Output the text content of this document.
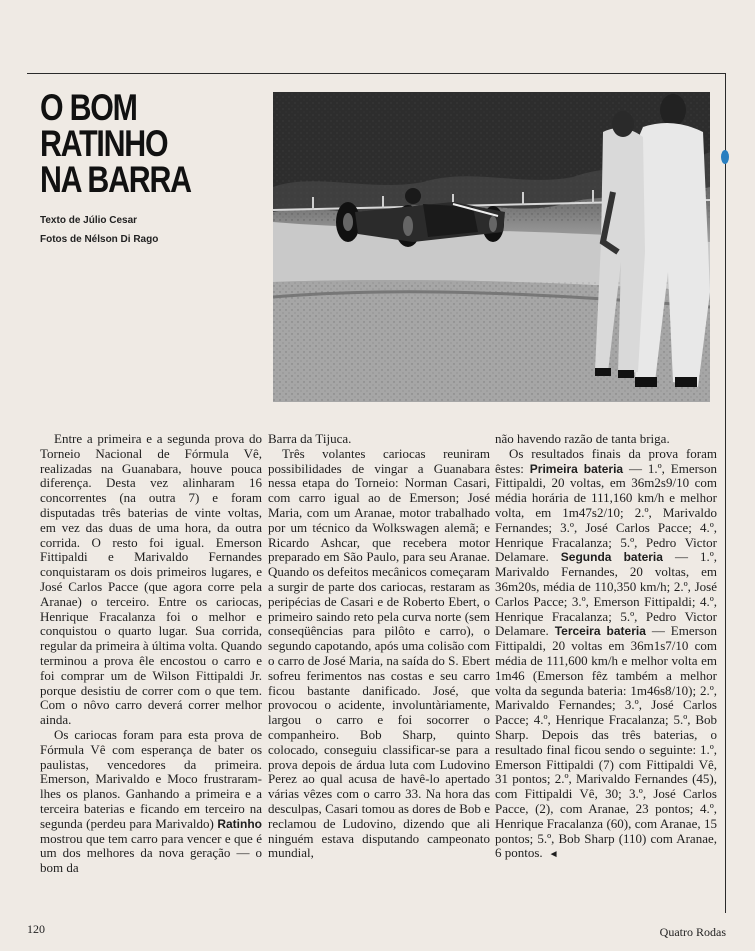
O BOM
RATINHO
NA BARRA
Texto de Júlio Cesar
Fotos de Nélson Di Rago

Entre a primeira e a segunda prova do Torneio Nacional de Fórmula Vê, realizadas na Guanabara, houve pouca diferença. Desta vez alinharam 16 concorrentes (na outra 7) e foram disputadas três baterias de vinte voltas, em vez das duas de uma hora, da outra corrida. O resto foi igual. Emerson Fittipaldi e Marivaldo Fernandes conquistaram os dois primeiros lugares, e José Carlos Pacce (que agora corre pela Aranae) o terceiro. Entre os cariocas, Henrique Fracalanza foi o melhor e conquistou o quarto lugar. Sua corrida, regular da primeira à última volta. Quando terminou a prova êle encostou o carro e foi comprar um de Wilson Fittipaldi Jr. porque desistiu de correr com o que tem. Com o nôvo carro deverá correr melhor ainda.

Os cariocas foram para esta prova de Fórmula Vê com esperança de bater os paulistas, vencedores da primeira. Emerson, Marivaldo e Moco frustraram-lhes os planos. Ganhando a primeira e a terceira baterias e ficando em terceiro na segunda (perdeu para Marivaldo) Ratinho mostrou que tem carro para vencer e que é um dos melhores da nova geração — o bom da

Barra da Tijuca.

Três volantes cariocas reuniram possibilidades de vingar a Guanabara nessa etapa do Torneio: Norman Casari, com carro igual ao de Emerson; José Maria, com um Aranae, motor trabalhado por um técnico da Wolkswagen alemã; e Ricardo Ashcar, que recebera motor preparado em São Paulo, para seu Aranae. Quando os defeitos mecânicos começaram a surgir de parte dos cariocas, restaram as peripécias de Casari e de Roberto Ebert, o primeiro saindo reto pela curva norte (sem conseqüências para pilôto e carro), o segundo capotando, após uma colisão com o carro de José Maria, na saída do S. Ebert sofreu ferimentos nas costas e seu carro ficou bastante danificado. José, que provocou o acidente, involuntàriamente, largou o carro e foi socorrer o companheiro. Bob Sharp, quinto colocado, conseguiu classificar-se para a prova depois de árdua luta com Ludovino Perez ao qual acusa de havê-lo apertado várias vêzes com o carro 33. Na hora das desculpas, Casari tomou as dores de Bob e reclamou de Ludovino, dizendo que ali ninguém estava disputando campeonato mundial,

não havendo razão de tanta briga.

Os resultados finais da prova foram êstes: Primeira bateria — 1.º, Emerson Fittipaldi, 20 voltas, em 36m2s9/10 com média horária de 111,160 km/h e melhor volta, em 1m47s2/10; 2.º, Marivaldo Fernandes; 3.º, José Carlos Pacce; 4.º, Henrique Fracalanza; 5.º, Pedro Victor Delamare. Segunda bateria — 1.º, Marivaldo Fernandes, 20 voltas, em 36m20s, média de 110,350 km/h; 2.º, José Carlos Pacce; 3.º, Emerson Fittipaldi; 4.º, Henrique Fracalanza; 5.º, Pedro Victor Delamare. Terceira bateria — Emerson Fittipaldi, 20 voltas em 36m1s7/10 com média de 111,600 km/h e melhor volta em 1m46 (Emerson fêz também a melhor volta da segunda bateria: 1m46s8/10); 2.º, Marivaldo Fernandes; 3.º, José Carlos Pacce; 4.º, Henrique Fracalanza; 5.º, Bob Sharp. Depois das três baterias, o resultado final ficou sendo o seguinte: 1.º, Emerson Fittipaldi (7) com Fittipaldi Vê, 31 pontos; 2.º, Marivaldo Fernandes (45), com Fittipaldi Vê, 30; 3.º, José Carlos Pacce, (2), com Aranae, 23 pontos; 4.º, Henrique Fracalanza (60), com Aranae, 15 pontos; 5.º, Bob Sharp (110) com Aranae, 6 pontos. ◄

120	Quatro Rodas
